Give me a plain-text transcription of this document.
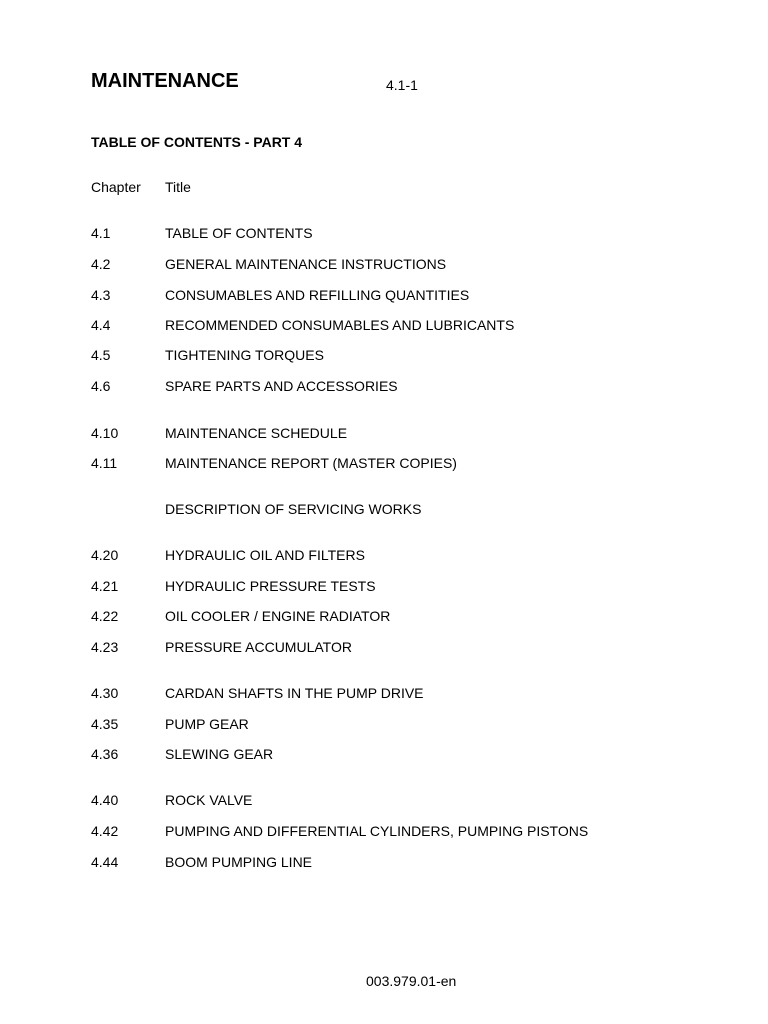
MAINTENANCE	4.1-1
TABLE OF CONTENTS - PART 4
Chapter Title
4.1	TABLE OF CONTENTS
4.2	GENERAL MAINTENANCE INSTRUCTIONS
4.3	CONSUMABLES AND REFILLING QUANTITIES
4.4	RECOMMENDED CONSUMABLES AND LUBRICANTS
4.5	TIGHTENING TORQUES
4.6	SPARE PARTS AND ACCESSORIES
4.10	MAINTENANCE SCHEDULE
4.11	MAINTENANCE REPORT (MASTER COPIES)
DESCRIPTION OF SERVICING WORKS
4.20	HYDRAULIC OIL AND FILTERS
4.21	HYDRAULIC PRESSURE TESTS
4.22	OIL COOLER / ENGINE RADIATOR
4.23	PRESSURE ACCUMULATOR
4.30	CARDAN SHAFTS IN THE PUMP DRIVE
4.35	PUMP GEAR
4.36	SLEWING GEAR
4.40	ROCK VALVE
4.42	PUMPING AND DIFFERENTIAL CYLINDERS, PUMPING PISTONS
4.44	BOOM PUMPING LINE
003.979.01-en
